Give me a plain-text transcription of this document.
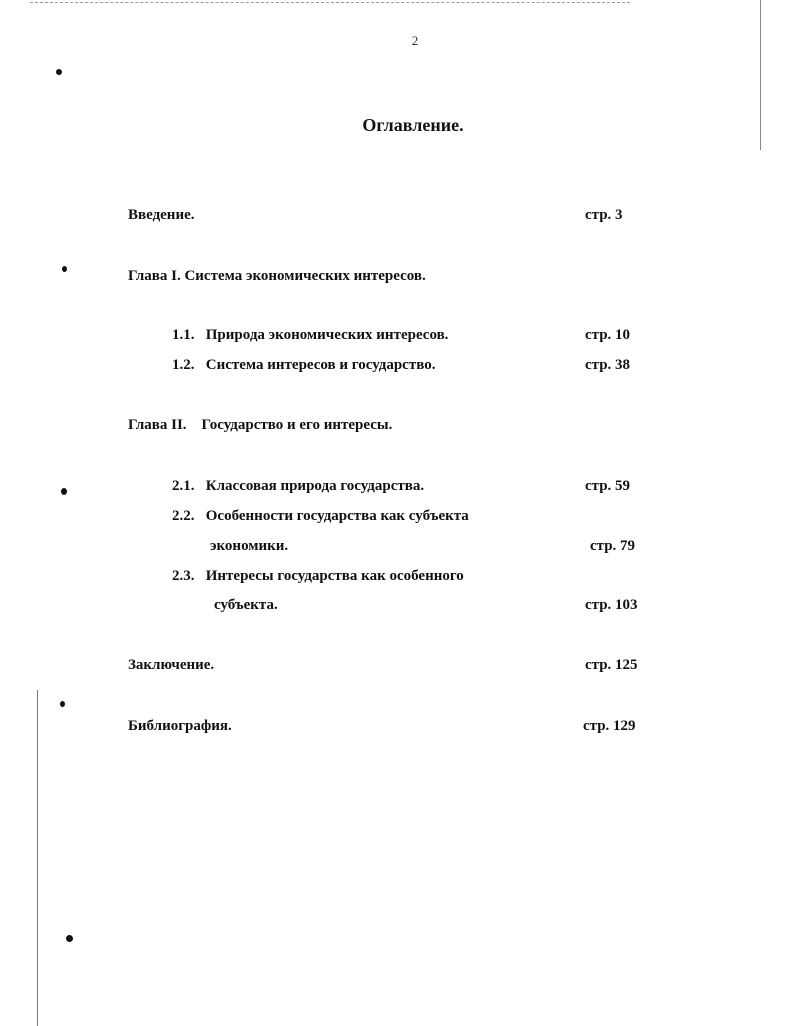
2
Оглавление.
Введение.	стр. 3
Глава I. Система экономических интересов.
1.1. Природа экономических интересов.	стр. 10
1.2. Система интересов и государство.	стр. 38
Глава II. Государство и его интересы.
2.1. Классовая природа государства.	стр. 59
2.2. Особенности государства как субъекта
экономики.	стр. 79
2.3. Интересы государства как особенного
субъекта.	стр. 103
Заключение.	стр. 125
Библиография.	стр. 129
